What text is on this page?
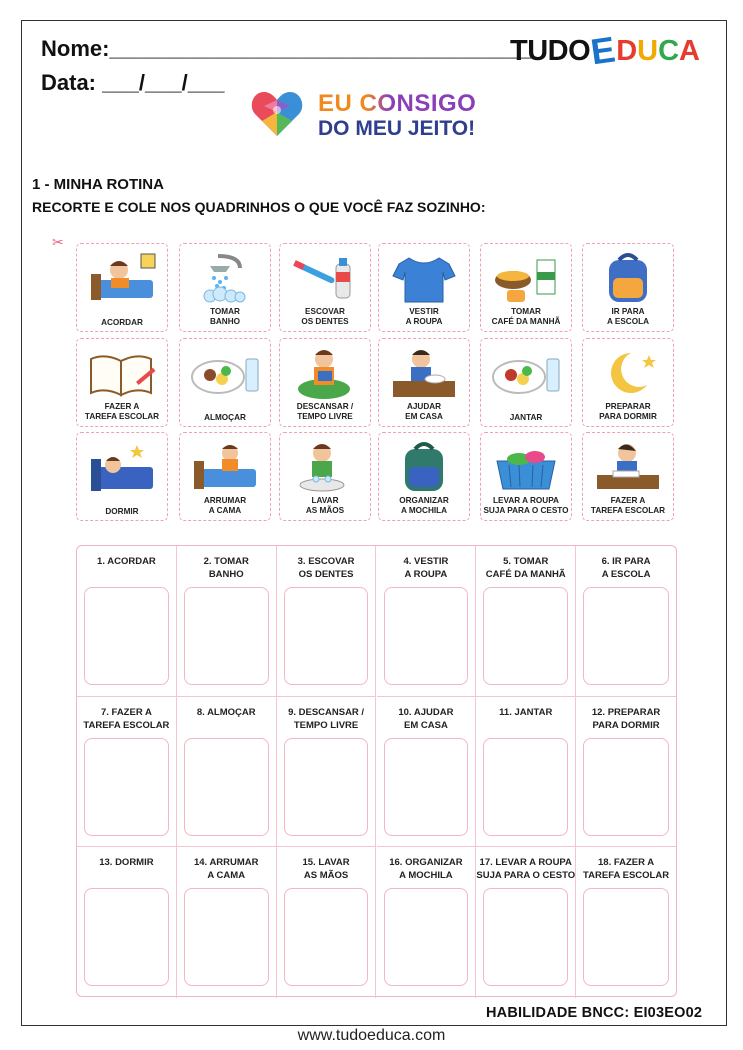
Nome:___________________________________
Data: ___/___/___
TUDO
E
D U C A
EU CONSIGO
DO MEU JEITO!
1 - MINHA ROTINA
RECORTE E COLE NOS QUADRINHOS O QUE VOCÊ FAZ SOZINHO:
✂
ACORDAR
TOMAR
BANHO
ESCOVAR
OS DENTES
VESTIR
A ROUPA
TOMAR
CAFÉ DA MANHÃ
IR PARA
A ESCOLA
FAZER A
TAREFA ESCOLAR	ALMOÇAR
DESCANSAR /
TEMPO LIVRE
AJUDAR
EM CASA	JANTAR
PREPARAR
PARA DORMIR
DORMIR
ARRUMAR
A CAMA
LAVAR
AS MÃOS
ORGANIZAR
A MOCHILA
LEVAR A ROUPA
SUJA PARA O CESTO
FAZER A
TAREFA ESCOLAR
1. ACORDAR	2. TOMAR
BANHO
3. ESCOVAR
OS DENTES
4. VESTIR
A ROUPA
5. TOMAR
CAFÉ DA MANHÃ
6. IR PARA
A ESCOLA
7. FAZER A
TAREFA ESCOLAR
8. ALMOÇAR	9. DESCANSAR /
TEMPO LIVRE
10. AJUDAR
EM CASA
11. JANTAR	12. PREPARAR
PARA DORMIR
13. DORMIR	14. ARRUMAR
A CAMA
15. LAVAR
AS MÃOS
16. ORGANIZAR
A MOCHILA
17. LEVAR A ROUPA
SUJA PARA O CESTO
18. FAZER A
TAREFA ESCOLAR
HABILIDADE BNCC: EI03EO02
www.tudoeduca.com
